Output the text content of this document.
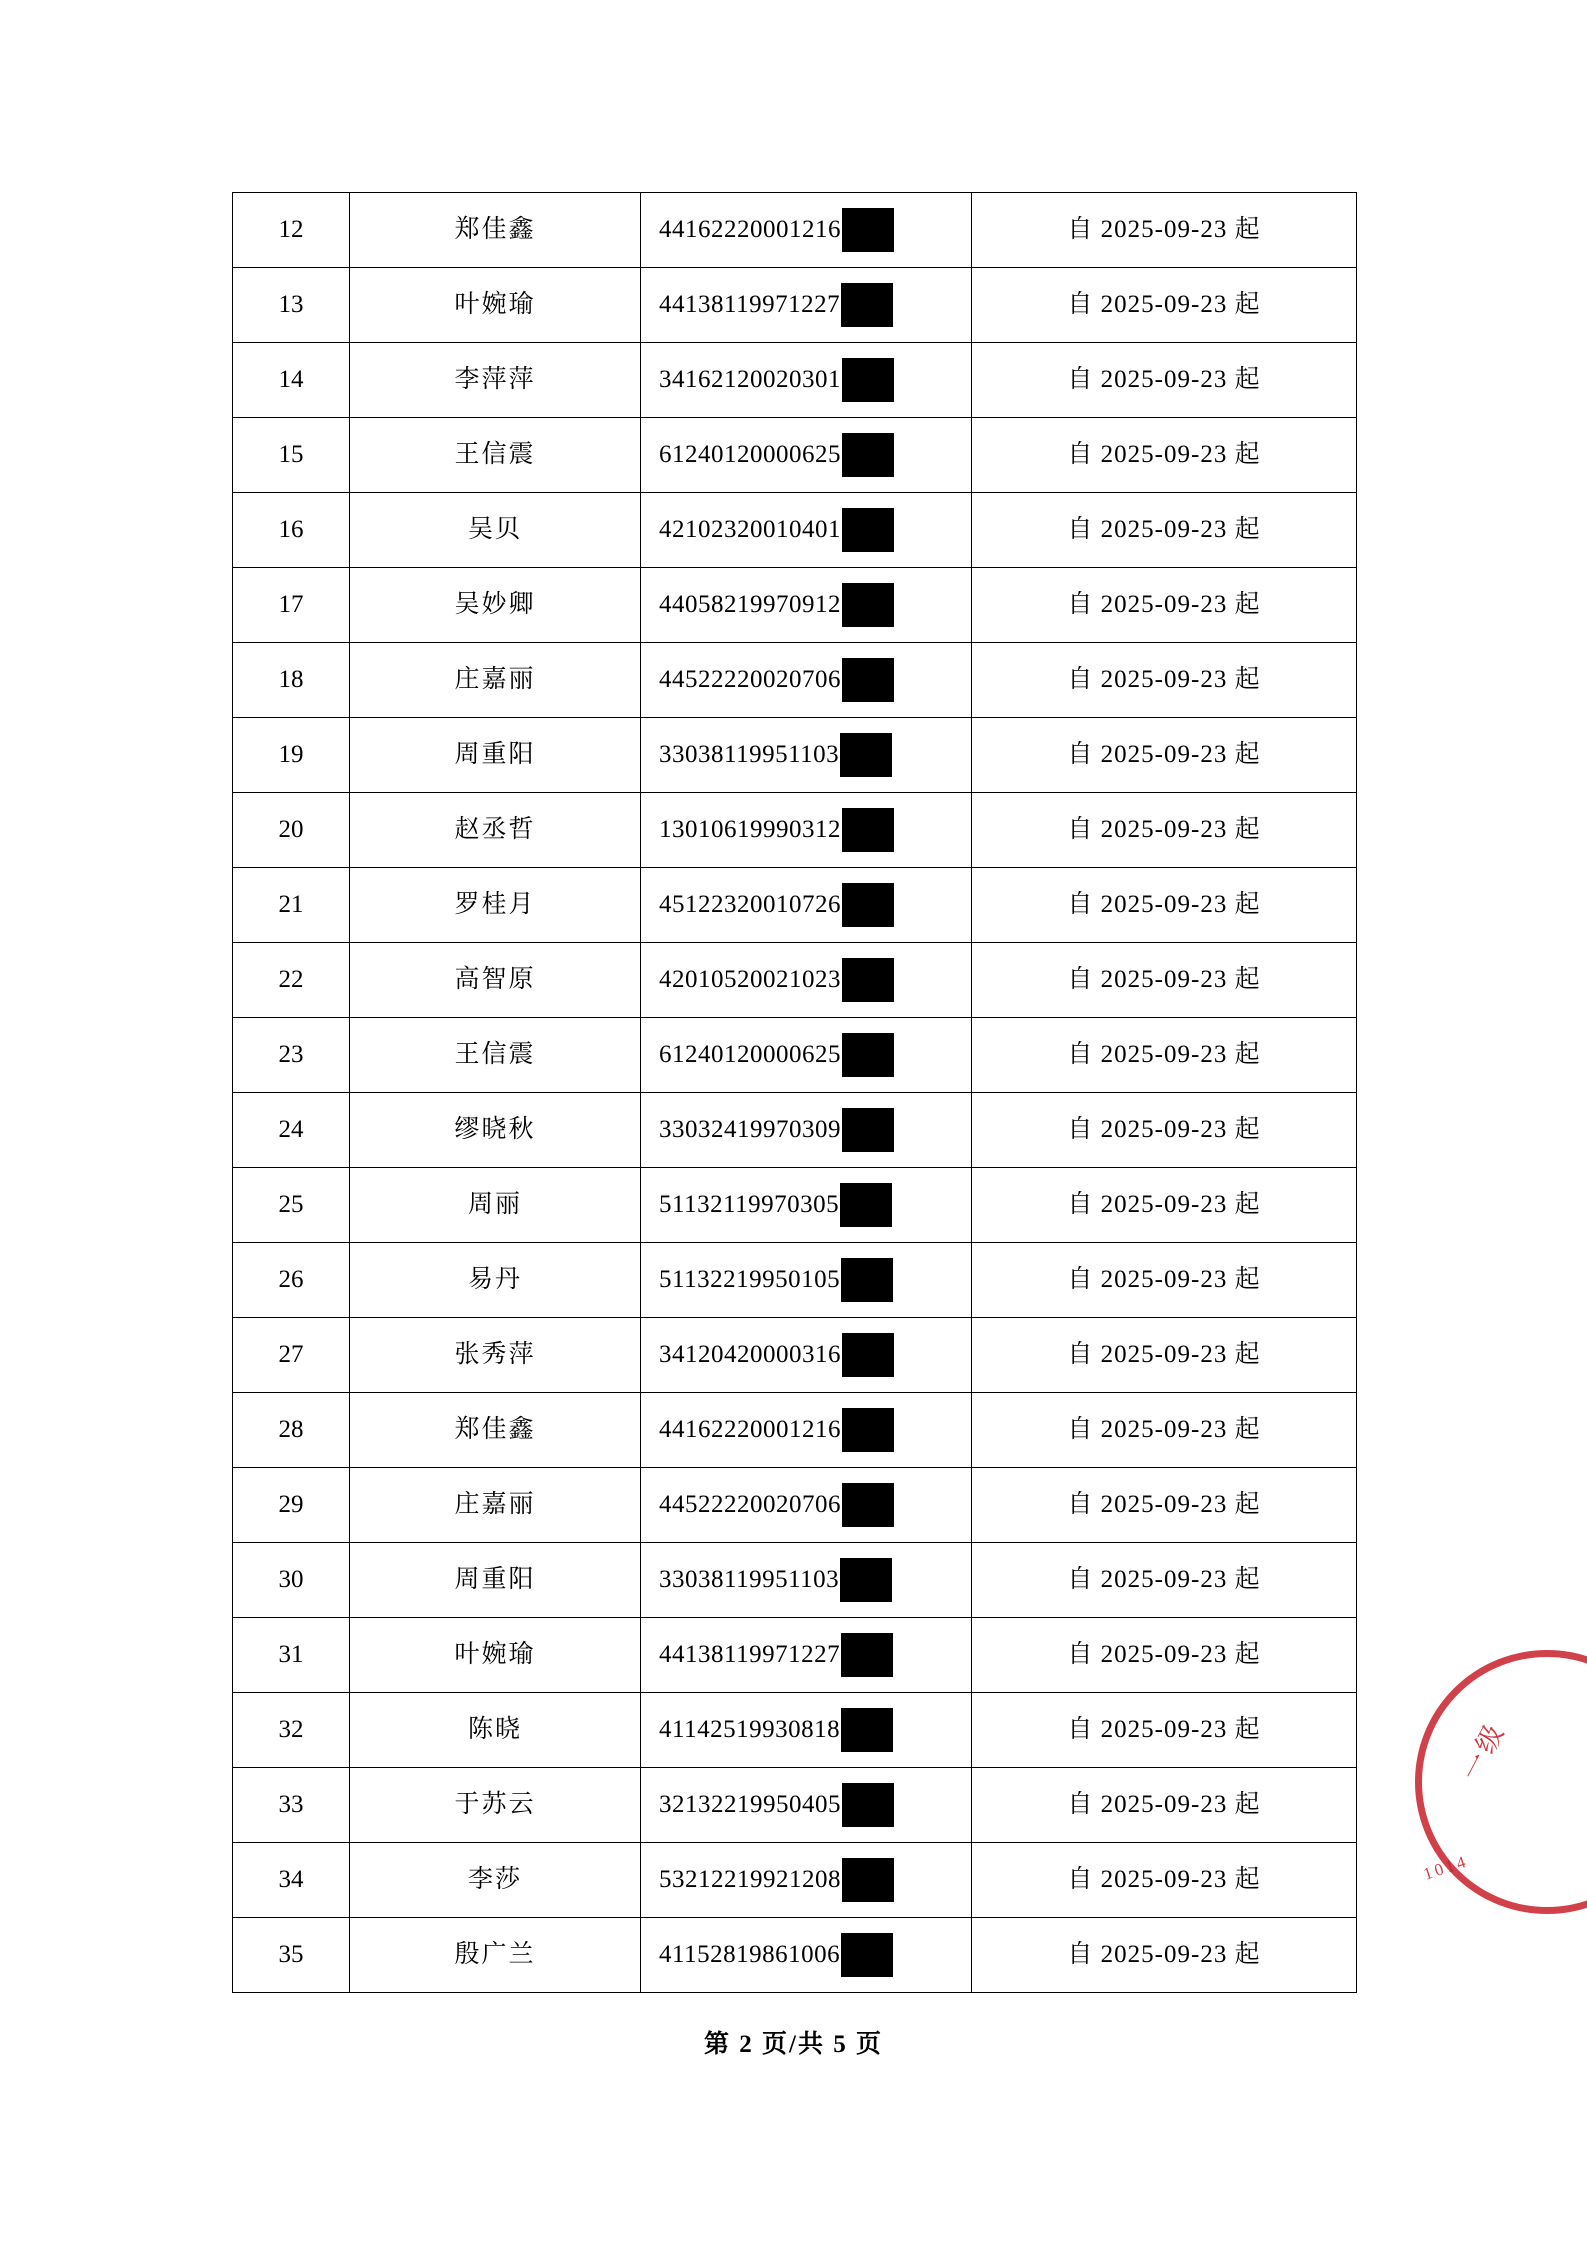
12	郑佳鑫	44162220001216	自 2025-09-23 起
13	叶婉瑜	44138119971227	自 2025-09-23 起
14	李萍萍	34162120020301	自 2025-09-23 起
15	王信震	61240120000625	自 2025-09-23 起
16	吴贝	42102320010401	自 2025-09-23 起
17	吴妙卿	44058219970912	自 2025-09-23 起
18	庄嘉丽	44522220020706	自 2025-09-23 起
19	周重阳	33038119951103	自 2025-09-23 起
20	赵丞哲	13010619990312	自 2025-09-23 起
21	罗桂月	45122320010726	自 2025-09-23 起
22	高智原	42010520021023	自 2025-09-23 起
23	王信震	61240120000625	自 2025-09-23 起
24	缪晓秋	33032419970309	自 2025-09-23 起
25	周丽	51132119970305	自 2025-09-23 起
26	易丹	51132219950105	自 2025-09-23 起
27	张秀萍	34120420000316	自 2025-09-23 起
28	郑佳鑫	44162220001216	自 2025-09-23 起
29	庄嘉丽	44522220020706	自 2025-09-23 起
30	周重阳	33038119951103	自 2025-09-23 起
31	叶婉瑜	44138119971227	自 2025-09-23 起
32	陈晓	41142519930818	自 2025-09-23 起
33	于苏云	32132219950405	自 2025-09-23 起
34	李莎	53212219921208	自 2025-09-23 起
35	殷广兰	41152819861006	自 2025-09-23 起
第 2 页/共 5 页
一级
1014
